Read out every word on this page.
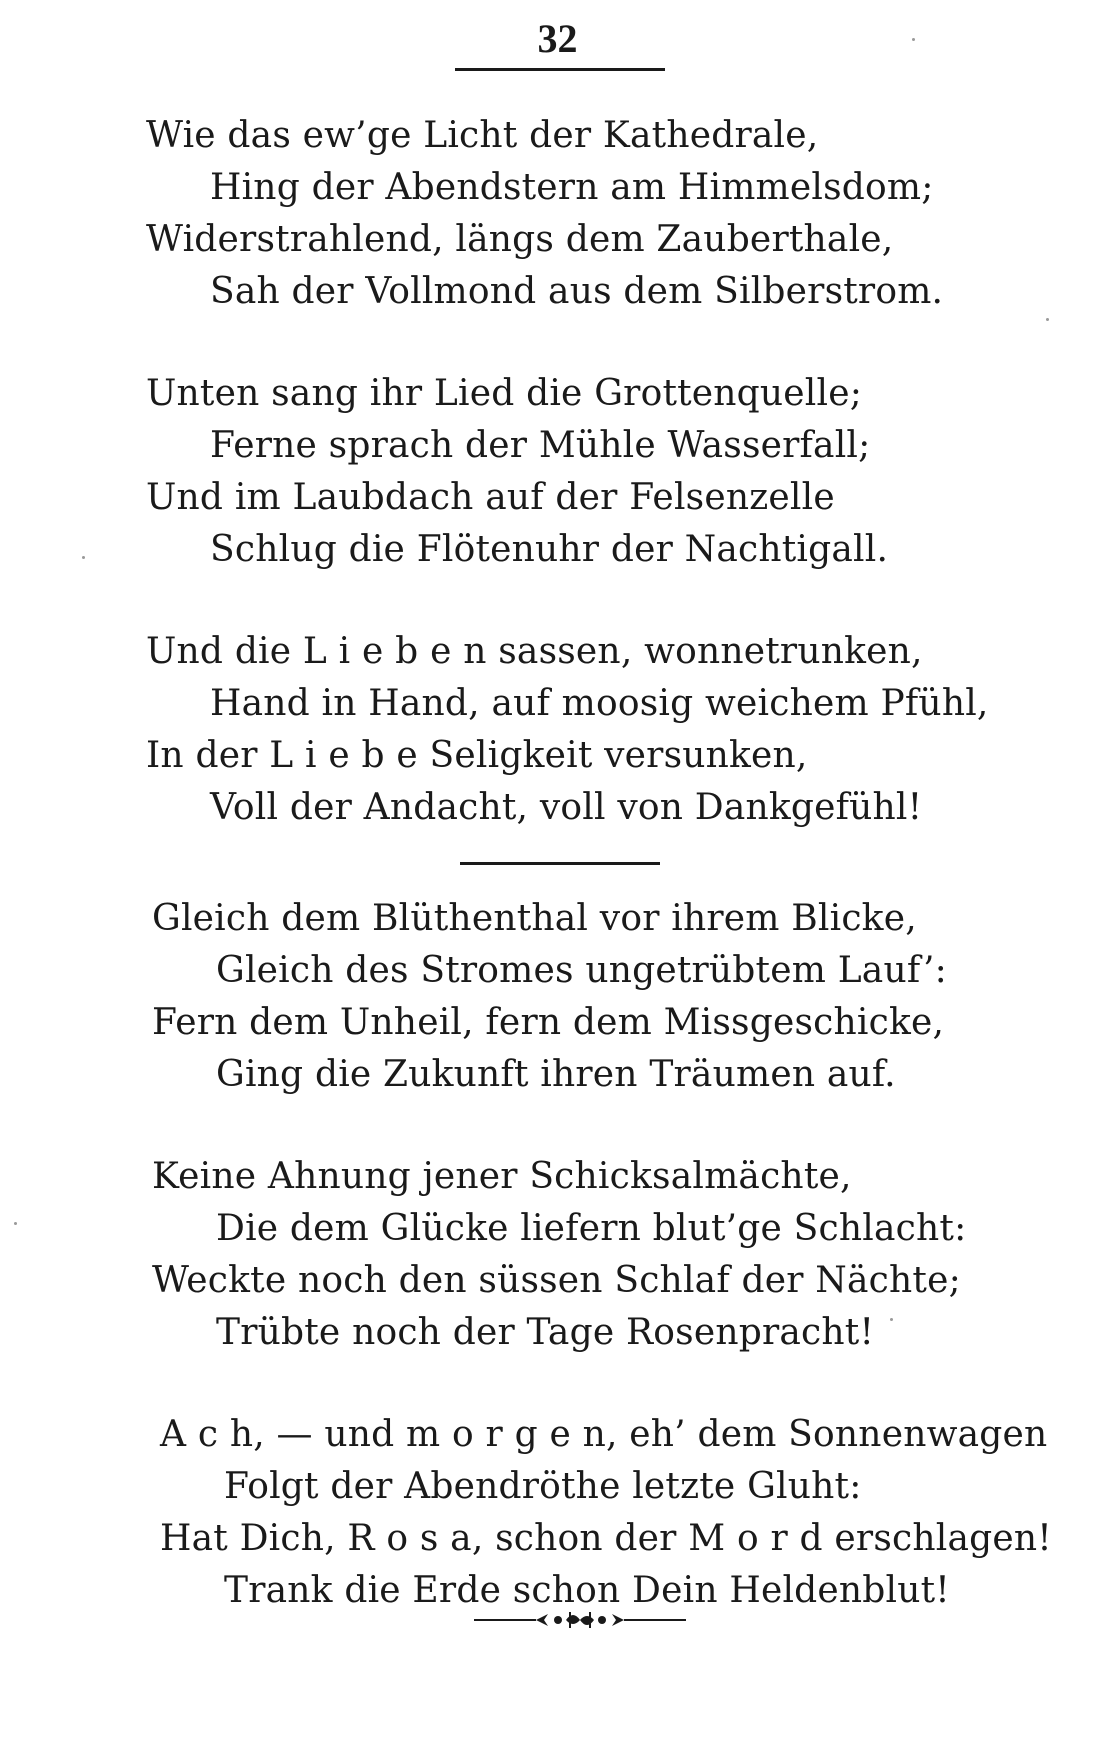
32
Wie das ew’ge Licht der Kathedrale,
Hing der Abendstern am Himmelsdom;
Widerstrahlend, längs dem Zauberthale,
Sah der Vollmond aus dem Silberstrom.
Unten sang ihr Lied die Grottenquelle;
Ferne sprach der Mühle Wasserfall;
Und im Laubdach auf der Felsenzelle
Schlug die Flötenuhr der Nachtigall.
Und die L i e b e n sassen, wonnetrunken,
Hand in Hand, auf moosig weichem Pfühl,
In der L i e b e Seligkeit versunken,
Voll der Andacht, voll von Dankgefühl!
Gleich dem Blüthenthal vor ihrem Blicke,
Gleich des Stromes ungetrübtem Lauf’:
Fern dem Unheil, fern dem Missgeschicke,
Ging die Zukunft ihren Träumen auf.
Keine Ahnung jener Schicksalmächte,
Die dem Glücke liefern blut’ge Schlacht:
Weckte noch den süssen Schlaf der Nächte;
Trübte noch der Tage Rosenpracht!
A c h, — und m o r g e n, eh’ dem Sonnenwagen
Folgt der Abendröthe letzte Gluht:
Hat Dich, R o s a, schon der M o r d erschlagen!
Trank die Erde schon Dein Heldenblut!
